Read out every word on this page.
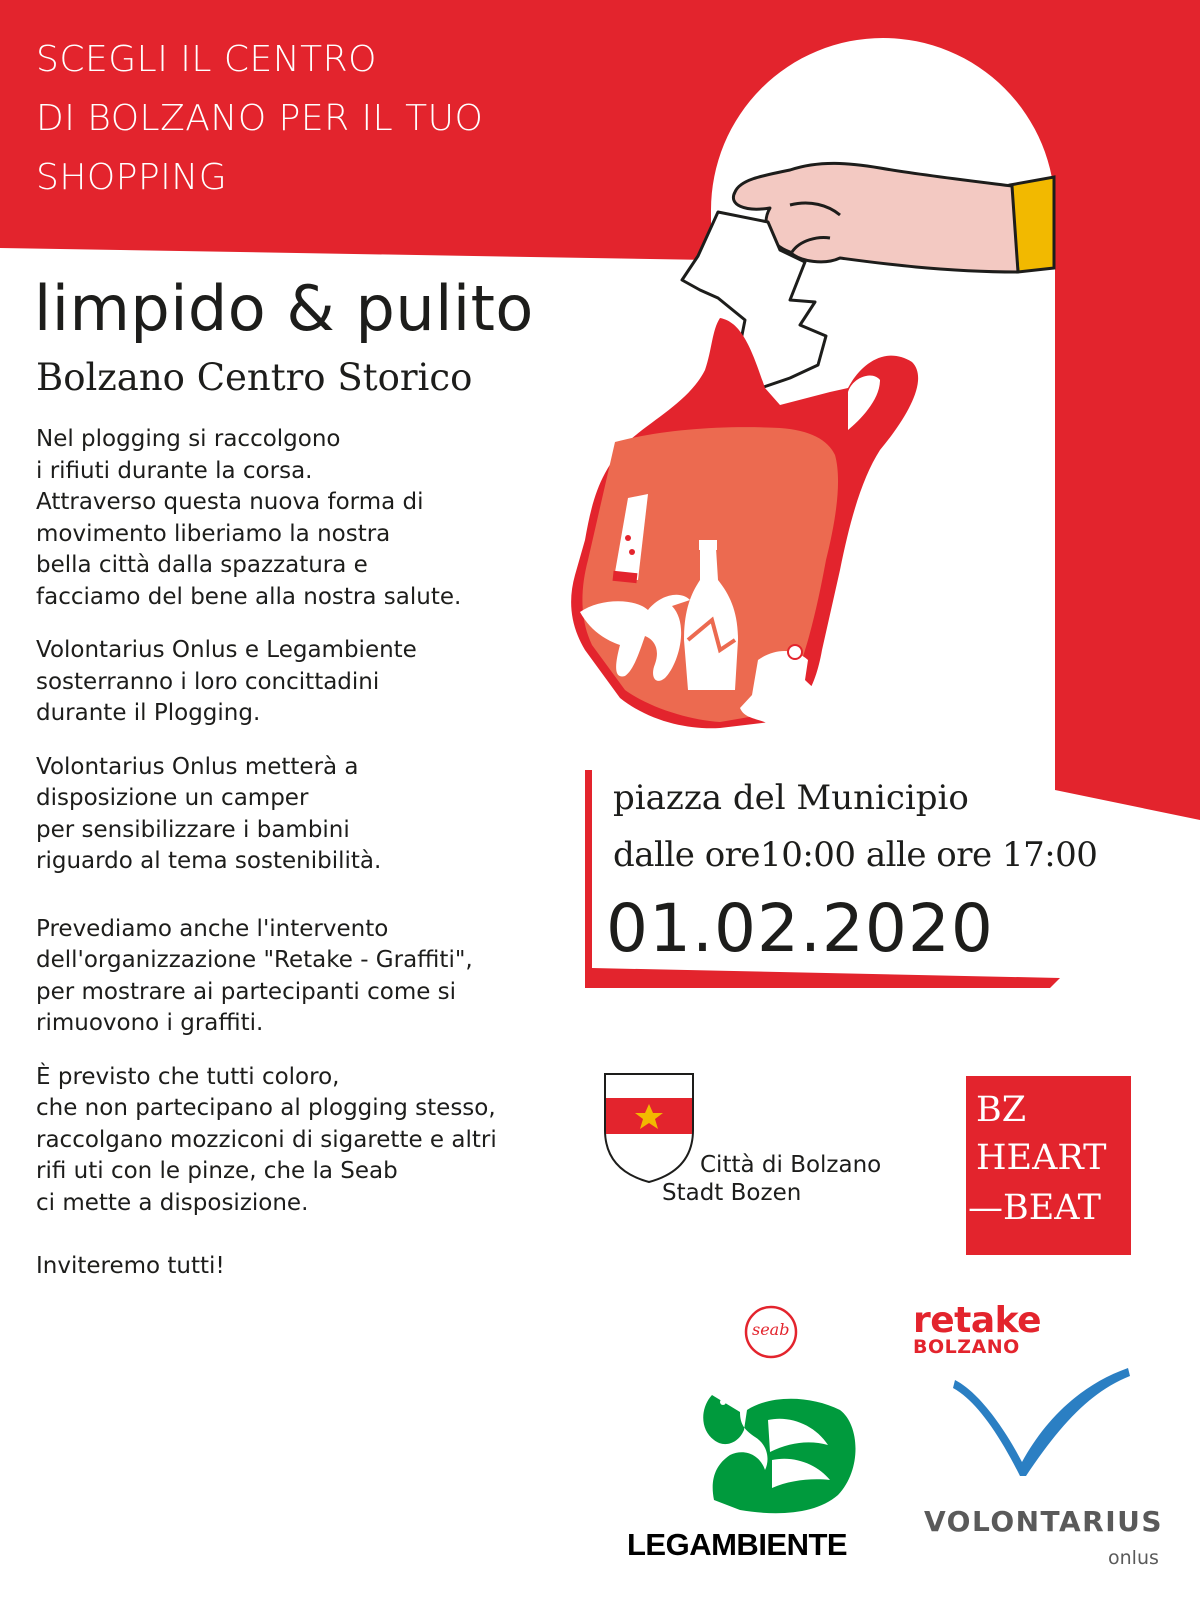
SCEGLI IL CENTRO
DI BOLZANO PER IL TUO
SHOPPING
limpido & pulito
Bolzano Centro Storico

Nel plogging si raccolgono
i rifiuti durante la corsa.
Attraverso questa nuova forma di
movimento liberiamo la nostra
bella città dalla spazzatura e
facciamo del bene alla nostra salute.

Volontarius Onlus e Legambiente
sosterranno i loro concittadini
durante il Plogging.

Volontarius Onlus metterà a
disposizione un camper
per sensibilizzare i bambini
riguardo al tema sostenibilità.

Prevediamo anche l'intervento
dell'organizzazione "Retake - Graffiti",
per mostrare ai partecipanti come si
rimuovono i graffiti.

È previsto che tutti coloro,
che non partecipano al plogging stesso,
raccolgano mozziconi di sigarette e altri
rifi uti con le pinze, che la Seab
ci mette a disposizione.

Inviteremo tutti!

piazza del Municipio
dalle ore10:00 alle ore 17:00
01.02.2020
Città di Bolzano
Stadt Bozen
BZ
HEART
—BEAT
seab	retake
BOLZANO
LEGAMBIENTE
VOLONTARIUS
onlus
